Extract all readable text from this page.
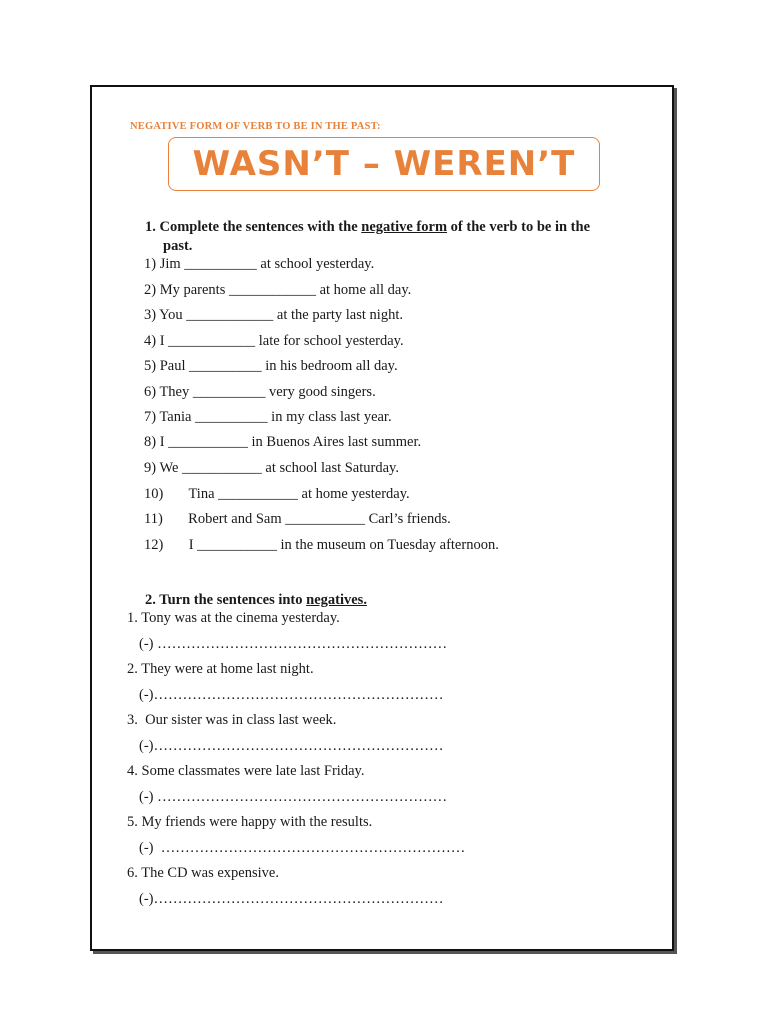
NEGATIVE FORM OF VERB TO BE IN THE PAST:
WASN’T – WEREN’T
1. Complete the sentences with the negative form of the verb to be in the
past.
1) Jim __________ at school yesterday.
2) My parents ____________ at home all day.
3) You ____________ at the party last night.
4) I ____________ late for school yesterday.
5) Paul __________ in his bedroom all day.
6) They __________ very good singers.
7) Tania __________ in my class last year.
8) I ___________ in Buenos Aires last summer.
9) We ___________ at school last Saturday.
10)       Tina ___________ at home yesterday.
11)       Robert and Sam ___________ Carl’s friends.
12)       I ___________ in the museum on Tuesday afternoon.
2. Turn the sentences into negatives.
1. Tony was at the cinema yesterday.
(-) ……………………………………………………
2. They were at home last night.
(-)……………………………………………………
3.  Our sister was in class last week.
(-)……………………………………………………
4. Some classmates were late last Friday.
(-) ……………………………………………………
5. My friends were happy with the results.
(-)  ………………………………………………………
6. The CD was expensive.
(-)……………………………………………………
